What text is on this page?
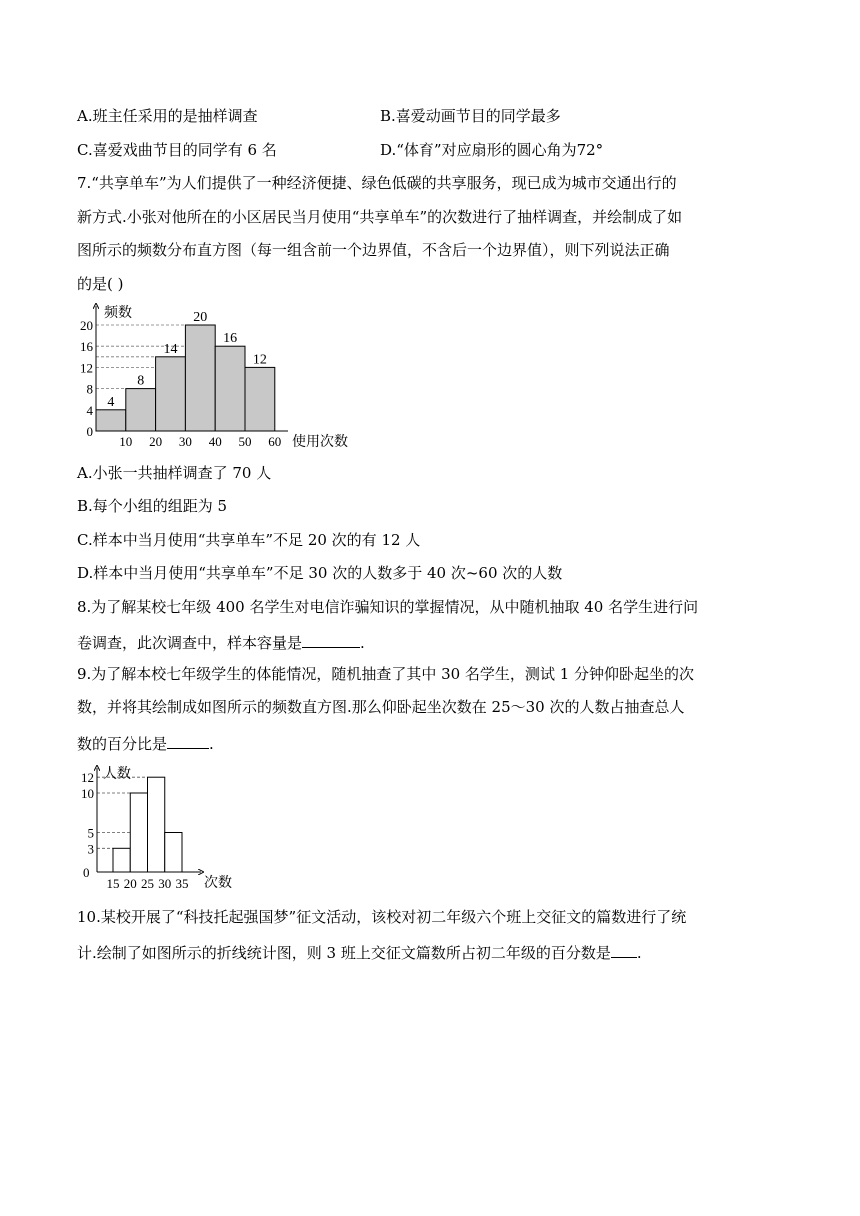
A.班主任采用的是抽样调查	B.喜爱动画节目的同学最多
C.喜爱戏曲节目的同学有 6 名	D.“体育”对应扇形的圆心角为72°
7.“共享单车”为人们提供了一种经济便捷、绿色低碳的共享服务，现已成为城市交通出行的
新方式.小张对他所在的小区居民当月使用“共享单车”的次数进行了抽样调查，并绘制成了如
图所示的频数分布直方图（每一组含前一个边界值，不含后一个边界值），则下列说法正确
的是( )
频数
使用次数
4
8
12
16
20
0
10 20 30 40 50 60
4
8
14
20
16
12
A.小张一共抽样调查了 70 人
B.每个小组的组距为 5
C.样本中当月使用“共享单车”不足 20 次的有 12 人
D.样本中当月使用“共享单车”不足 30 次的人数多于 40 次~60 次的人数
8.为了解某校七年级 400 名学生对电信诈骗知识的掌握情况，从中随机抽取 40 名学生进行问
卷调查，此次调查中，样本容量是	.
9.为了解本校七年级学生的体能情况，随机抽查了其中 30 名学生，测试 1 分钟仰卧起坐的次
数，并将其绘制成如图所示的频数直方图.那么仰卧起坐次数在 25～30 次的人数占抽查总人
数的百分比是	.
人数
次数
0
3
5
10
12
15 20 25 30 35
10.某校开展了“科技托起强国梦”征文活动，该校对初二年级六个班上交征文的篇数进行了统
计.绘制了如图所示的折线统计图，则 3 班上交征文篇数所占初二年级的百分数是 .
